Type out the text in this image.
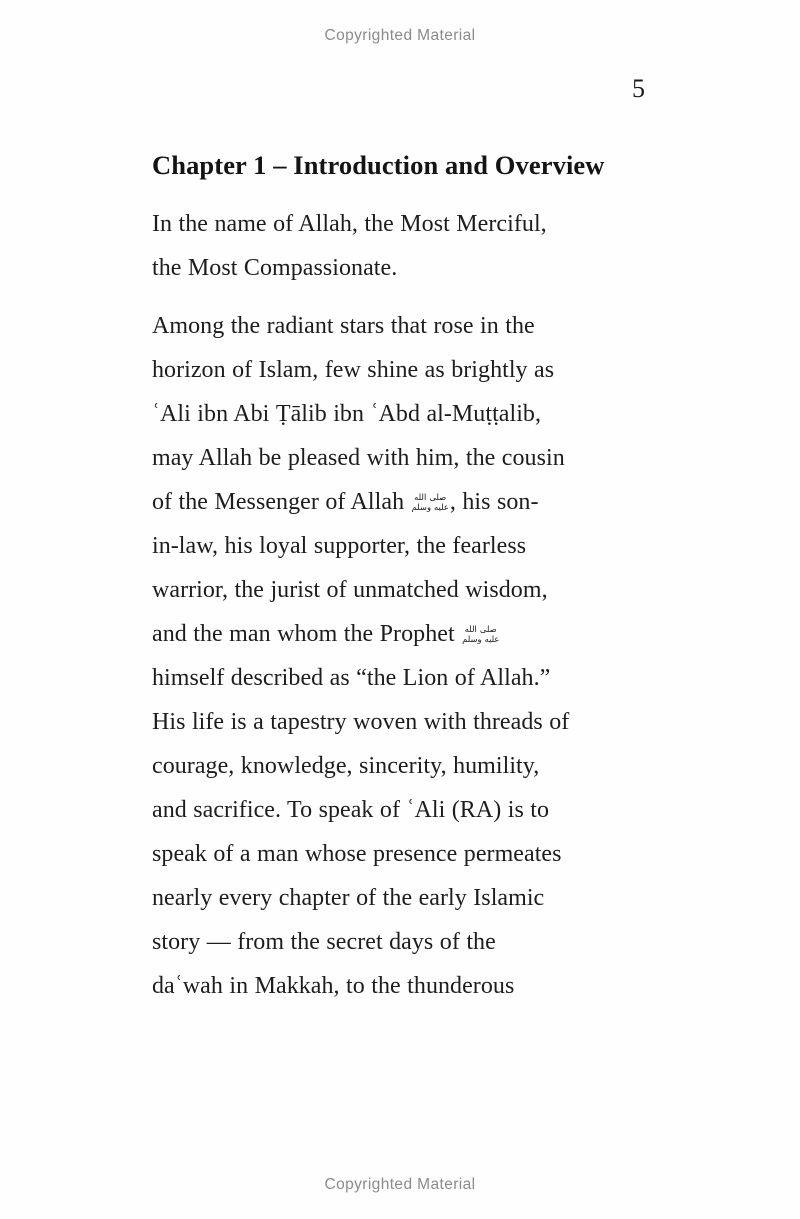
Copyrighted Material
5
Chapter 1 – Introduction and Overview

In the name of Allah, the Most Merciful,
the Most Compassionate.

Among the radiant stars that rose in the
horizon of Islam, few shine as brightly as
ʿAli ibn Abi Ṭālib ibn ʿAbd al-Muṭṭalib,
may Allah be pleased with him, the cousin
of the Messenger of Allah صلى الله
عليه وسلم , his son-
in-law, his loyal supporter, the fearless
warrior, the jurist of unmatched wisdom,
and the man whom the Prophet صلى الله
عليه وسلم
himself described as “the Lion of Allah.”
His life is a tapestry woven with threads of
courage, knowledge, sincerity, humility,
and sacrifice. To speak of ʿAli (RA) is to
speak of a man whose presence permeates
nearly every chapter of the early Islamic
story — from the secret days of the
daʿwah in Makkah, to the thunderous

Copyrighted Material
